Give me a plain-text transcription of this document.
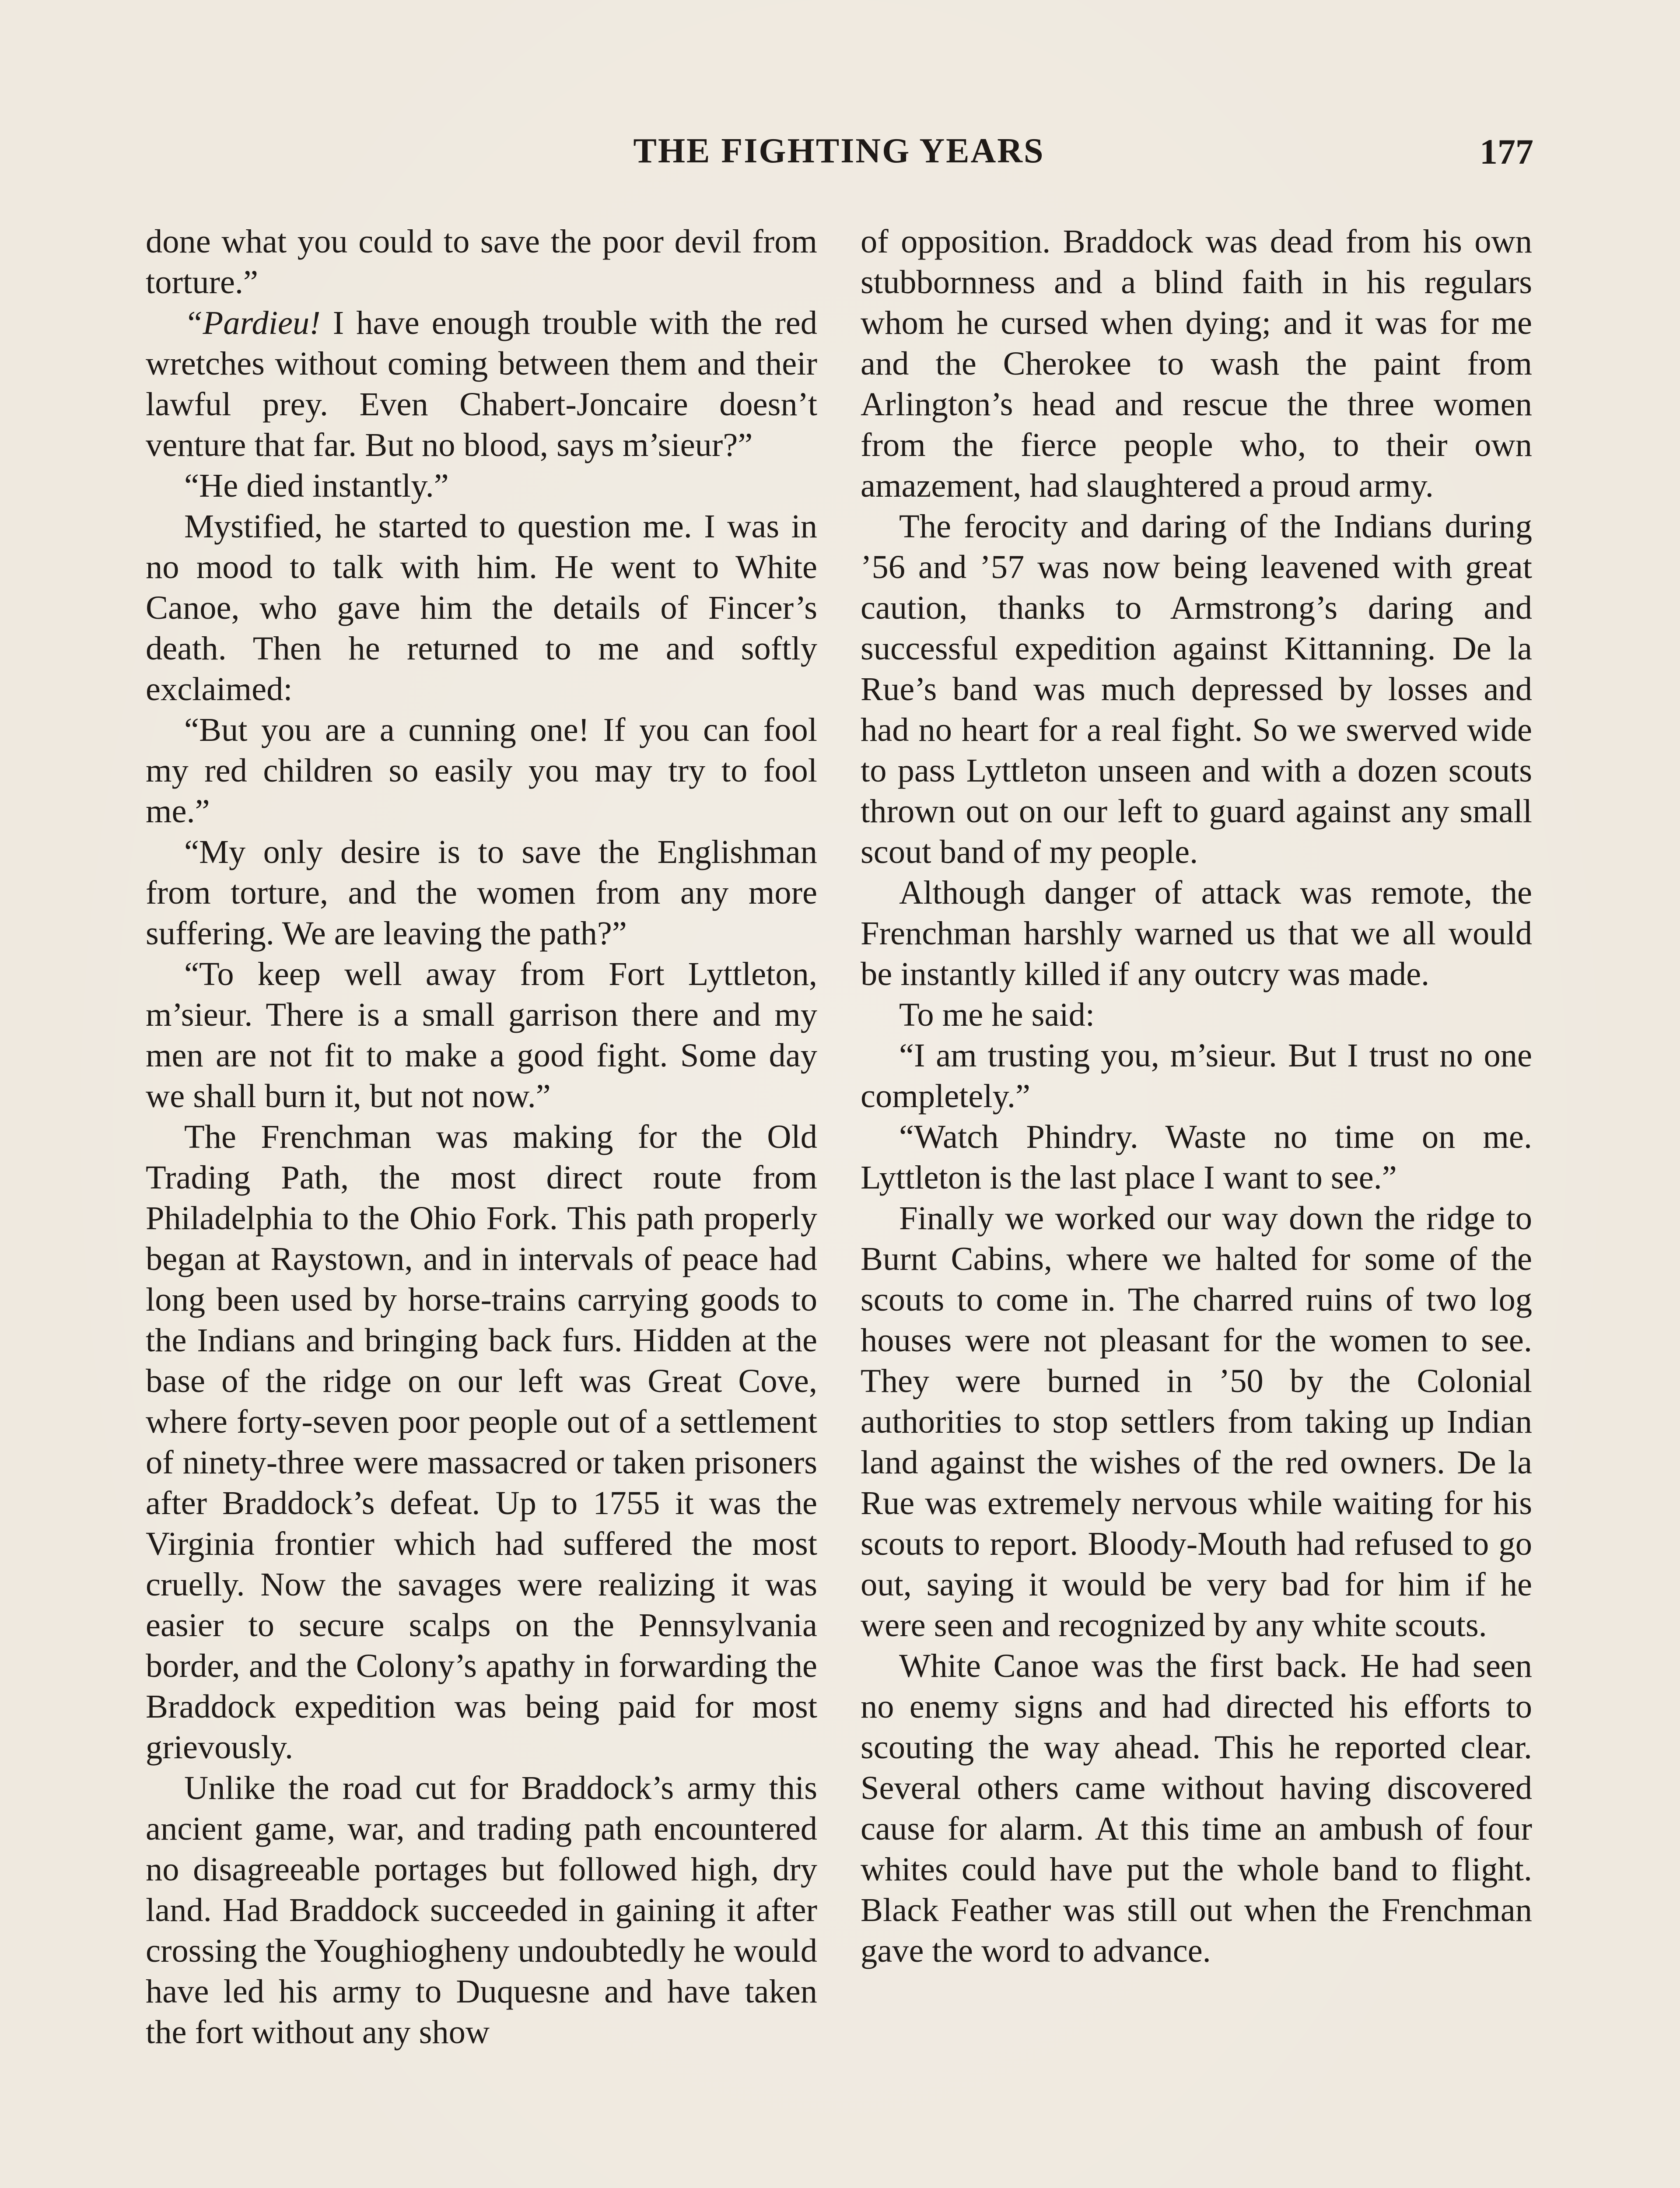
THE FIGHTING YEARS	177

done what you could to save the poor devil from torture.”

“Pardieu! I have enough trouble with the red wretches without coming between them and their lawful prey. Even Chabert-Joncaire doesn’t venture that far. But no blood, says m’sieur?”

“He died instantly.”

Mystified, he started to question me. I was in no mood to talk with him. He went to White Canoe, who gave him the details of Fincer’s death. Then he returned to me and softly exclaimed:

“But you are a cunning one! If you can fool my red children so easily you may try to fool me.”

“My only desire is to save the Englishman from torture, and the women from any more suffering. We are leaving the path?”

“To keep well away from Fort Lyttleton, m’sieur. There is a small garrison there and my men are not fit to make a good fight. Some day we shall burn it, but not now.”

The Frenchman was making for the Old Trading Path, the most direct route from Philadelphia to the Ohio Fork. This path properly began at Raystown, and in intervals of peace had long been used by horse-trains carrying goods to the Indians and bringing back furs. Hidden at the base of the ridge on our left was Great Cove, where forty-seven poor people out of a settlement of ninety-three were massacred or taken prisoners after Braddock’s defeat. Up to 1755 it was the Virginia frontier which had suffered the most cruelly. Now the savages were realizing it was easier to secure scalps on the Pennsylvania border, and the Colony’s apathy in forwarding the Braddock expedition was being paid for most grievously.

Unlike the road cut for Braddock’s army this ancient game, war, and trading path encountered no disagreeable portages but followed high, dry land. Had Braddock succeeded in gaining it after crossing the Youghiogheny undoubtedly he would have led his army to Duquesne and have taken the fort without any show

of opposition. Braddock was dead from his own stubbornness and a blind faith in his regulars whom he cursed when dying; and it was for me and the Cherokee to wash the paint from Arlington’s head and rescue the three women from the fierce people who, to their own amazement, had slaughtered a proud army.

The ferocity and daring of the Indians during ’56 and ’57 was now being leavened with great caution, thanks to Armstrong’s daring and successful expedition against Kittanning. De la Rue’s band was much depressed by losses and had no heart for a real fight. So we swerved wide to pass Lyttleton unseen and with a dozen scouts thrown out on our left to guard against any small scout band of my people.

Although danger of attack was remote, the Frenchman harshly warned us that we all would be instantly killed if any outcry was made.

To me he said:

“I am trusting you, m’sieur. But I trust no one completely.”

“Watch Phindry. Waste no time on me. Lyttleton is the last place I want to see.”

Finally we worked our way down the ridge to Burnt Cabins, where we halted for some of the scouts to come in. The charred ruins of two log houses were not pleasant for the women to see. They were burned in ’50 by the Colonial authorities to stop settlers from taking up Indian land against the wishes of the red owners. De la Rue was extremely nervous while waiting for his scouts to report. Bloody-Mouth had refused to go out, saying it would be very bad for him if he were seen and recognized by any white scouts.

White Canoe was the first back. He had seen no enemy signs and had directed his efforts to scouting the way ahead. This he reported clear. Several others came without having discovered cause for alarm. At this time an ambush of four whites could have put the whole band to flight. Black Feather was still out when the Frenchman gave the word to advance.
